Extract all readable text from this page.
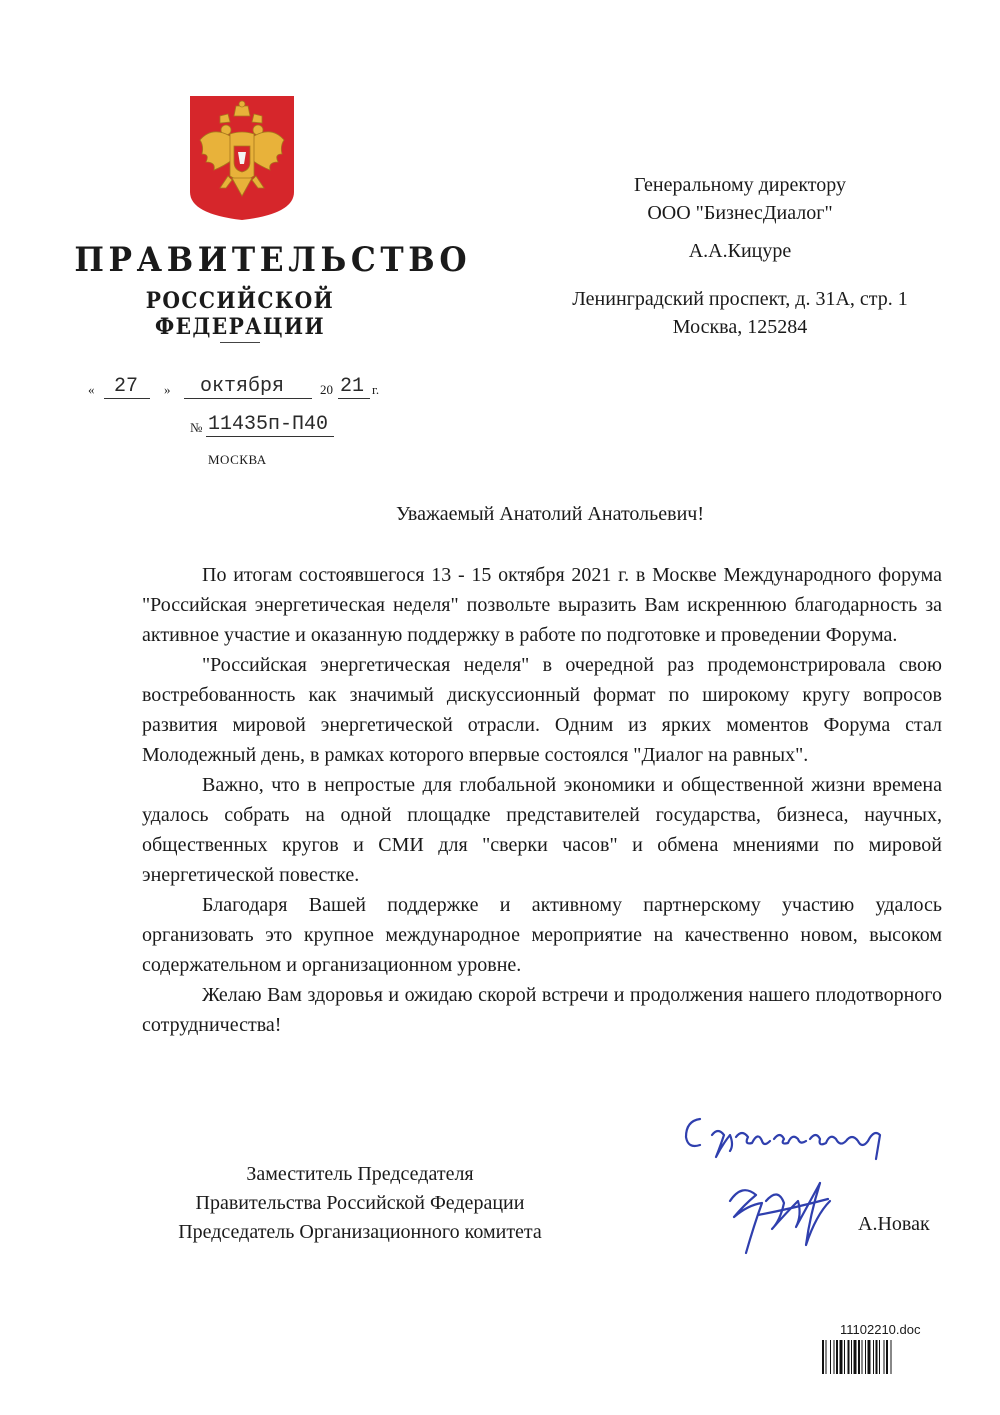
ПРАВИТЕЛЬСТВО
РОССИЙСКОЙ ФЕДЕРАЦИИ
« 27 » октября	20 21 г.
№ 11435п-П40
МОСКВА
Генеральному директору
ООО "БизнесДиалог"
А.А.Кицуре
Ленинградский проспект, д. 31А, стр. 1
Москва, 125284
Уважаемый Анатолий Анатольевич!

По итогам состоявшегося 13 - 15 октября 2021 г. в Москве Международного форума "Российская энергетическая неделя" позвольте выразить Вам искреннюю благодарность за активное участие и оказанную поддержку в работе по подготовке и проведении Форума.

"Российская энергетическая неделя" в очередной раз продемонстрировала свою востребованность как значимый дискуссионный формат по широкому кругу вопросов развития мировой энергетической отрасли. Одним из ярких моментов Форума стал Молодежный день, в рамках которого впервые состоялся "Диалог на равных".

Важно, что в непростые для глобальной экономики и общественной жизни времена удалось собрать на одной площадке представителей государства, бизнеса, научных, общественных кругов и СМИ для "сверки часов" и обмена мнениями по мировой энергетической повестке.

Благодаря Вашей поддержке и активному партнерскому участию удалось организовать это крупное международное мероприятие на качественно новом, высоком содержательном и организационном уровне.

Желаю Вам здоровья и ожидаю скорой встречи и продолжения нашего плодотворного сотрудничества!

Заместитель Председателя
Правительства Российской Федерации
Председатель Организационного комитета	А.Новак
11102210.doc
